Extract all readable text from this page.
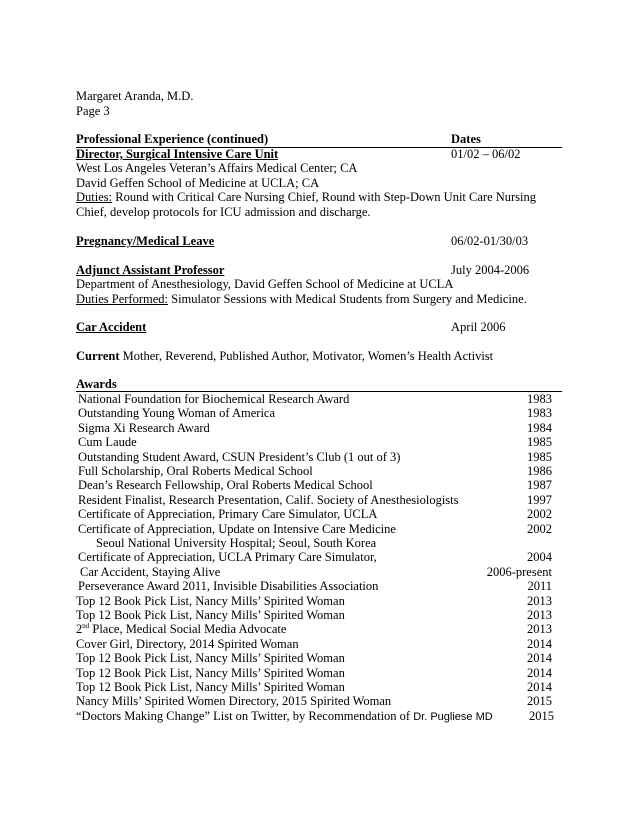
Margaret Aranda, M.D.
Page 3
Professional Experience (continued)	Dates
Director, Surgical Intensive Care Unit	01/02 – 06/02
West Los Angeles Veteran’s Affairs Medical Center; CA
David Geffen School of Medicine at UCLA; CA
Duties: Round with Critical Care Nursing Chief, Round with Step-Down Unit Care Nursing
Chief, develop protocols for ICU admission and discharge.
Pregnancy/Medical Leave	06/02-01/30/03
Adjunct Assistant Professor	July 2004-2006
Department of Anesthesiology, David Geffen School of Medicine at UCLA
Duties Performed: Simulator Sessions with Medical Students from Surgery and Medicine.
Car Accident	April 2006
Current Mother, Reverend, Published Author, Motivator, Women’s Health Activist
Awards
National Foundation for Biochemical Research Award	1983
Outstanding Young Woman of America	1983
Sigma Xi Research Award	1984
Cum Laude	1985
Outstanding Student Award, CSUN President’s Club (1 out of 3)	1985
Full Scholarship, Oral Roberts Medical School	1986
Dean’s Research Fellowship, Oral Roberts Medical School	1987
Resident Finalist, Research Presentation, Calif. Society of Anesthesiologists	1997
Certificate of Appreciation, Primary Care Simulator, UCLA	2002
Certificate of Appreciation, Update on Intensive Care Medicine	2002
Seoul National University Hospital; Seoul, South Korea
Certificate of Appreciation, UCLA Primary Care Simulator,	2004
Car Accident, Staying Alive	2006-present
Perseverance Award 2011, Invisible Disabilities Association	2011
Top 12 Book Pick List, Nancy Mills’ Spirited Woman	2013
Top 12 Book Pick List, Nancy Mills’ Spirited Woman	2013
2nd Place, Medical Social Media Advocate	2013
Cover Girl, Directory, 2014 Spirited Woman	2014
Top 12 Book Pick List, Nancy Mills’ Spirited Woman	2014
Top 12 Book Pick List, Nancy Mills’ Spirited Woman	2014
Top 12 Book Pick List, Nancy Mills’ Spirited Woman	2014
Nancy Mills’ Spirited Women Directory, 2015 Spirited Woman	2015
“Doctors Making Change” List on Twitter, by Recommendation of Dr. Pugliese MD	2015
